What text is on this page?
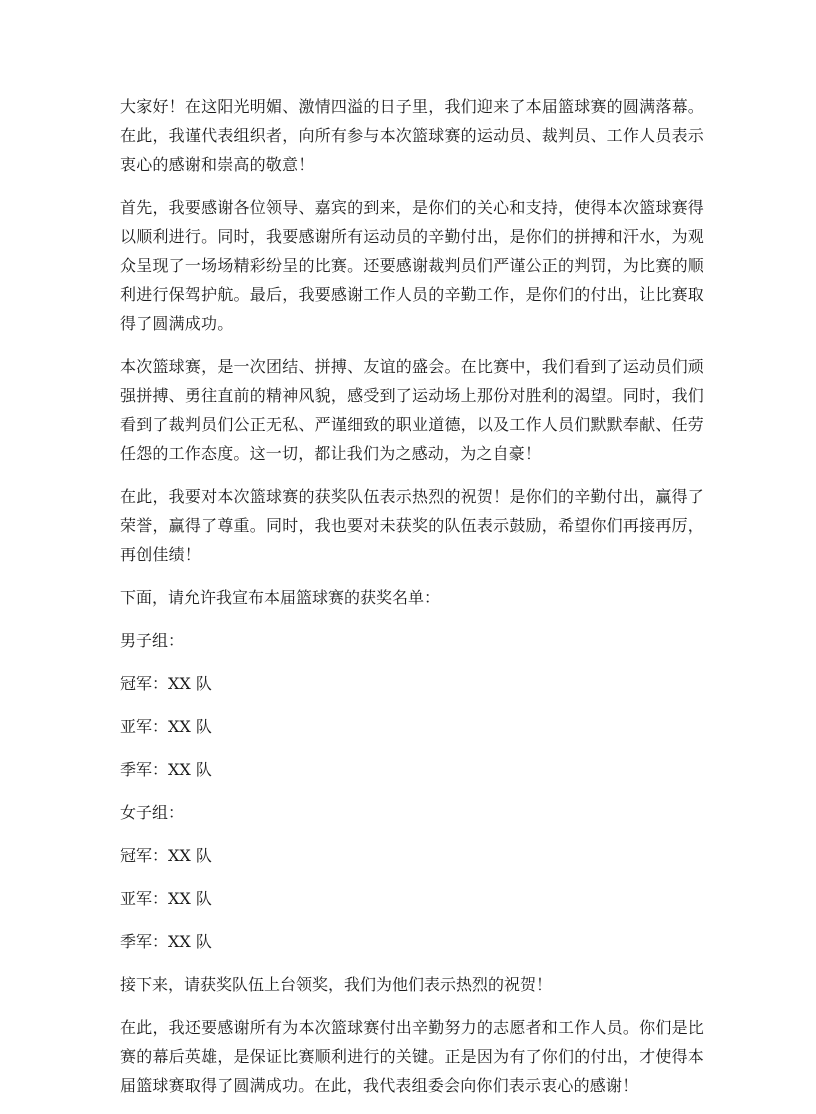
大家好！在这阳光明媚、激情四溢的日子里，我们迎来了本届篮球赛的圆满落幕。在此，我谨代表组织者，向所有参与本次篮球赛的运动员、裁判员、工作人员表示衷心的感谢和崇高的敬意！

首先，我要感谢各位领导、嘉宾的到来，是你们的关心和支持，使得本次篮球赛得以顺利进行。同时，我要感谢所有运动员的辛勤付出，是你们的拼搏和汗水，为观众呈现了一场场精彩纷呈的比赛。还要感谢裁判员们严谨公正的判罚，为比赛的顺利进行保驾护航。最后，我要感谢工作人员的辛勤工作，是你们的付出，让比赛取得了圆满成功。

本次篮球赛，是一次团结、拼搏、友谊的盛会。在比赛中，我们看到了运动员们顽强拼搏、勇往直前的精神风貌，感受到了运动场上那份对胜利的渴望。同时，我们看到了裁判员们公正无私、严谨细致的职业道德，以及工作人员们默默奉献、任劳任怨的工作态度。这一切，都让我们为之感动，为之自豪！

在此，我要对本次篮球赛的获奖队伍表示热烈的祝贺！是你们的辛勤付出，赢得了荣誉，赢得了尊重。同时，我也要对未获奖的队伍表示鼓励，希望你们再接再厉，再创佳绩！

下面，请允许我宣布本届篮球赛的获奖名单：

男子组：

冠军：XX 队

亚军：XX 队

季军：XX 队

女子组：

冠军：XX 队

亚军：XX 队

季军：XX 队

接下来，请获奖队伍上台领奖，我们为他们表示热烈的祝贺！

在此，我还要感谢所有为本次篮球赛付出辛勤努力的志愿者和工作人员。你们是比赛的幕后英雄，是保证比赛顺利进行的关键。正是因为有了你们的付出，才使得本届篮球赛取得了圆满成功。在此，我代表组委会向你们表示衷心的感谢！
